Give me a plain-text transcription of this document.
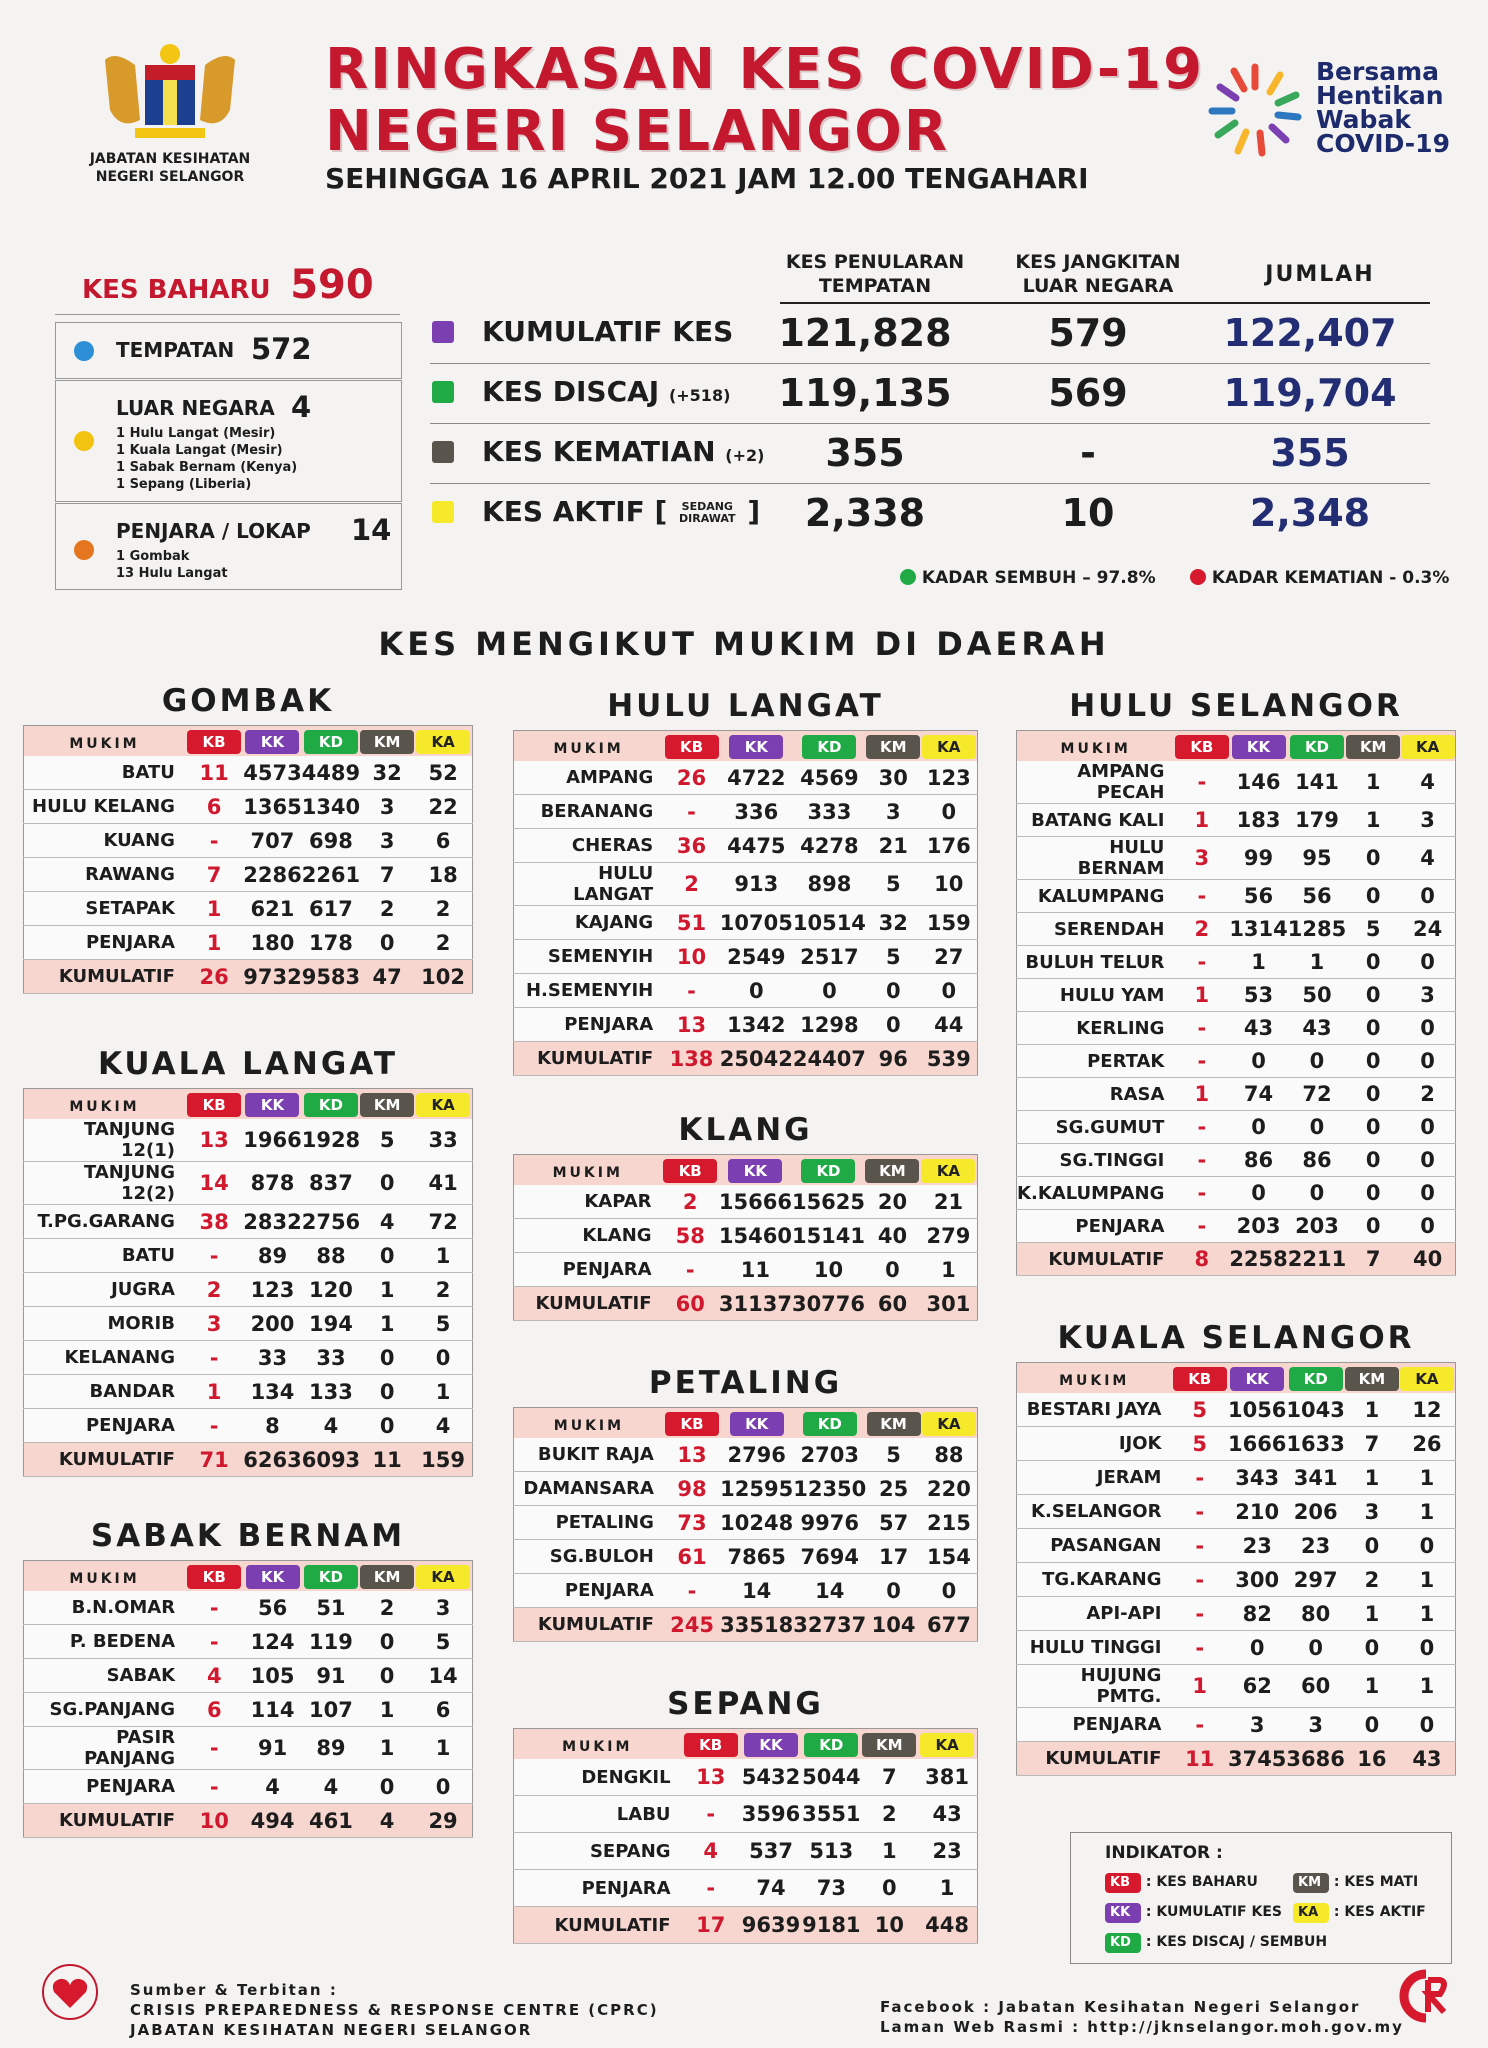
JABATAN KESIHATAN
NEGERI SELANGOR
RINGKASAN KES COVID-19
NEGERI SELANGOR
SEHINGGA 16 APRIL 2021 JAM 12.00 TENGAHARI
Bersama
Hentikan
Wabak
COVID-19
KES BAHARU 590
TEMPATAN 572
LUAR NEGARA 4
1 Hulu Langat (Mesir)
1 Kuala Langat (Mesir)
1 Sabak Bernam (Kenya)
1 Sepang (Liberia)
PENJARA / LOKAP 14
1 Gombak
13 Hulu Langat
KES PENULARAN
TEMPATAN
KES JANGKITAN
LUAR NEGARA	JUMLAH
KUMULATIF KES	121,828	579	122,407
KES DISCAJ (+518)	119,135	569	119,704
KES KEMATIAN (+2)	355	-	355
KES AKTIF [ SEDANG
DIRAWAT ]	2,338	10	2,348
KADAR SEMBUH – 97.8%	KADAR KEMATIAN - 0.3%
KES MENGIKUT MUKIM DI DAERAH
GOMBAK
MUKIM	KB	KK	KD	KM	KA
BATU	11	4573	4489	32	52
HULU KELANG	6	1365	1340	3	22
KUANG	-	707	698	3	6
RAWANG	7	2286	2261	7	18
SETAPAK	1	621	617	2	2
PENJARA	1	180	178	0	2
KUMULATIF	26	9732	9583	47	102
KUALA LANGAT
MUKIM	KB	KK	KD	KM	KA
TANJUNG 12(1)	13	1966	1928	5	33
TANJUNG 12(2)	14	878	837	0	41
T.PG.GARANG	38	2832	2756	4	72
BATU	-	89	88	0	1
JUGRA	2	123	120	1	2
MORIB	3	200	194	1	5
KELANANG	-	33	33	0	0
BANDAR	1	134	133	0	1
PENJARA	-	8	4	0	4
KUMULATIF	71	6263	6093	11	159
SABAK BERNAM
MUKIM	KB	KK	KD	KM	KA
B.N.OMAR	-	56	51	2	3
P. BEDENA	-	124	119	0	5
SABAK	4	105	91	0	14
SG.PANJANG	6	114	107	1	6
PASIR PANJANG	-	91	89	1	1
PENJARA	-	4	4	0	0
KUMULATIF	10	494	461	4	29
HULU LANGAT
MUKIM	KB	KK	KD	KM	KA
AMPANG	26	4722	4569	30	123
BERANANG	-	336	333	3	0
CHERAS	36	4475	4278	21	176
HULU LANGAT	2	913	898	5	10
KAJANG	51	10705	10514	32	159
SEMENYIH	10	2549	2517	5	27
H.SEMENYIH	-	0	0	0	0
PENJARA	13	1342	1298	0	44
KUMULATIF	138	25042	24407	96	539
KLANG
MUKIM	KB	KK	KD	KM	KA
KAPAR	2	15666	15625	20	21
KLANG	58	15460	15141	40	279
PENJARA	-	11	10	0	1
KUMULATIF	60	31137	30776	60	301
PETALING
MUKIM	KB	KK	KD	KM	KA
BUKIT RAJA	13	2796	2703	5	88
DAMANSARA	98	12595	12350	25	220
PETALING	73	10248	9976	57	215
SG.BULOH	61	7865	7694	17	154
PENJARA	-	14	14	0	0
KUMULATIF	245	33518	32737	104	677
SEPANG
MUKIM	KB	KK	KD	KM	KA
DENGKIL	13	5432	5044	7	381
LABU	-	3596	3551	2	43
SEPANG	4	537	513	1	23
PENJARA	-	74	73	0	1
KUMULATIF	17	9639	9181	10	448
HULU SELANGOR
MUKIM	KB	KK	KD	KM	KA
AMPANG PECAH	-	146	141	1	4
BATANG KALI	1	183	179	1	3
HULU BERNAM	3	99	95	0	4
KALUMPANG	-	56	56	0	0
SERENDAH	2	1314	1285	5	24
BULUH TELUR	-	1	1	0	0
HULU YAM	1	53	50	0	3
KERLING	-	43	43	0	0
PERTAK	-	0	0	0	0
RASA	1	74	72	0	2
SG.GUMUT	-	0	0	0	0
SG.TINGGI	-	86	86	0	0
K.KALUMPANG	-	0	0	0	0
PENJARA	-	203	203	0	0
KUMULATIF	8	2258	2211	7	40
KUALA SELANGOR
MUKIM	KB	KK	KD	KM	KA
BESTARI JAYA	5	1056	1043	1	12
IJOK	5	1666	1633	7	26
JERAM	-	343	341	1	1
K.SELANGOR	-	210	206	3	1
PASANGAN	-	23	23	0	0
TG.KARANG	-	300	297	2	1
API-API	-	82	80	1	1
HULU TINGGI	-	0	0	0	0
HUJUNG PMTG.	1	62	60	1	1
PENJARA	-	3	3	0	0
KUMULATIF	11	3745	3686	16	43
INDIKATOR :
KB : KES BAHARU	KM : KES MATI
KK : KUMULATIF KES	KA : KES AKTIF
KD : KES DISCAJ / SEMBUH
Sumber & Terbitan :
CRISIS PREPAREDNESS & RESPONSE CENTRE (CPRC)
JABATAN KESIHATAN NEGERI SELANGOR
Facebook : Jabatan Kesihatan Negeri Selangor
Laman Web Rasmi : http://jknselangor.moh.gov.my
